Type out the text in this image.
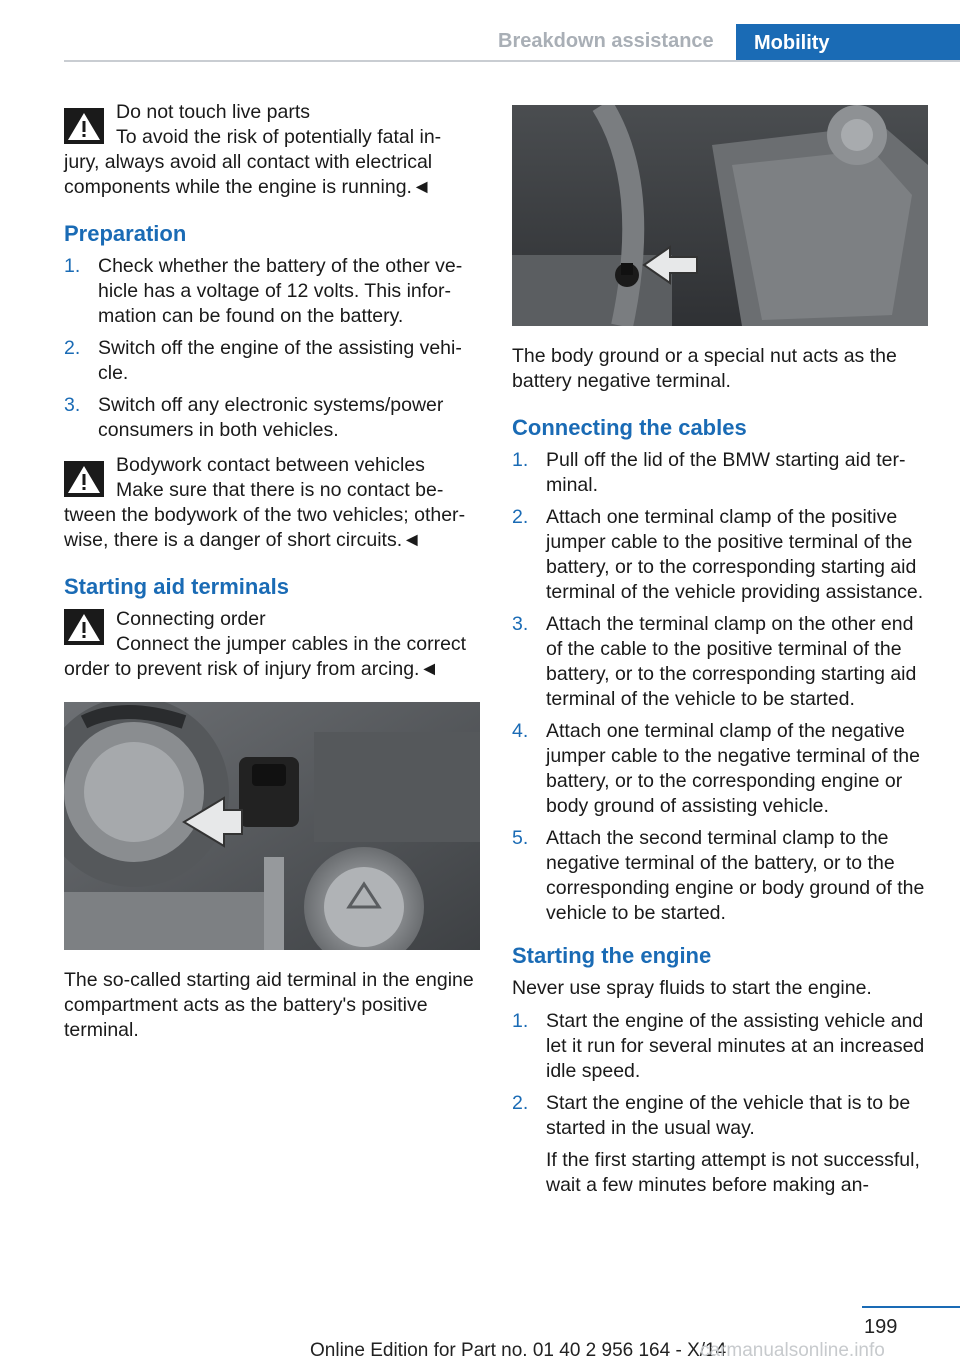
Breakdown assistance	Mobility
Do not touch live parts
To avoid the risk of potentially fatal in-
jury, always avoid all contact with electrical components while the engine is running.◄
Preparation
1. Check whether the battery of the other vehicle has a voltage of 12 volts. This information can be found on the battery.
2. Switch off the engine of the assisting vehicle.
3. Switch off any electronic systems/power consumers in both vehicles.
Bodywork contact between vehicles
Make sure that there is no contact be-
tween the bodywork of the two vehicles; otherwise, there is a danger of short circuits.◄
Starting aid terminals
Connecting order
Connect the jumper cables in the correct
order to prevent risk of injury from arcing.◄

The so-called starting aid terminal in the engine compartment acts as the battery's positive terminal.

The body ground or a special nut acts as the battery negative terminal.

Connecting the cables
1. Pull off the lid of the BMW starting aid terminal.
2. Attach one terminal clamp of the positive jumper cable to the positive terminal of the battery, or to the corresponding starting aid terminal of the vehicle providing assistance.
3. Attach the terminal clamp on the other end of the cable to the positive terminal of the battery, or to the corresponding starting aid terminal of the vehicle to be started.
4. Attach one terminal clamp of the negative jumper cable to the negative terminal of the battery, or to the corresponding engine or body ground of assisting vehicle.
5. Attach the second terminal clamp to the negative terminal of the battery, or to the corresponding engine or body ground of the vehicle to be started.
Starting the engine

Never use spray fluids to start the engine.

1. Start the engine of the assisting vehicle and let it run for several minutes at an increased idle speed.
2. Start the engine of the vehicle that is to be started in the usual way.
If the first starting attempt is not successful, wait a few minutes before making an-
199
Online Edition for Part no. 01 40 2 956 164 - X/14
carmanualsonline.info
